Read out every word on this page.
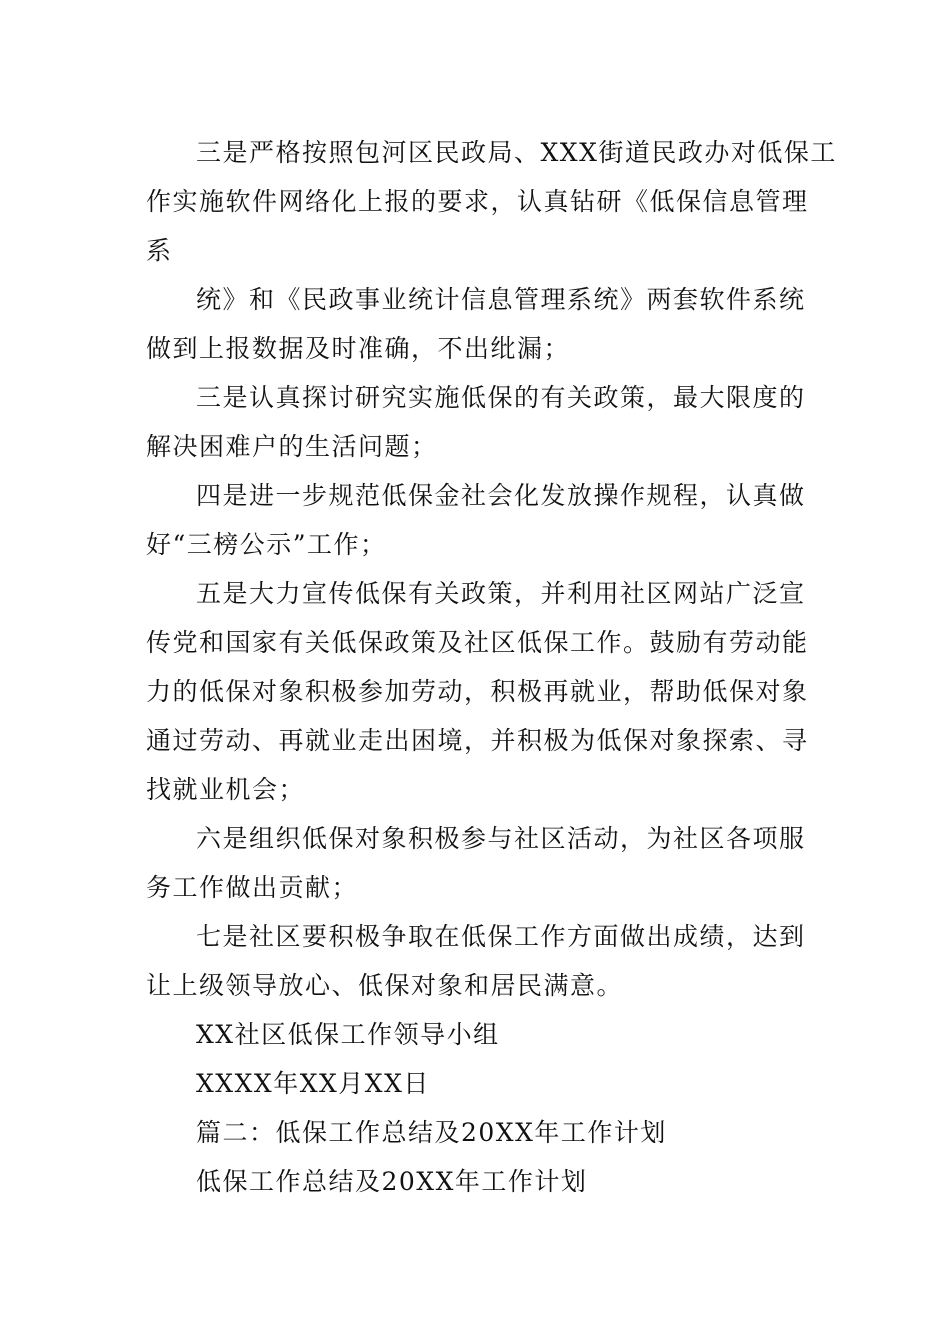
三是严格按照包河区民政局、XXX街道民政办对低保工
作实施软件网络化上报的要求，认真钻研《低保信息管理
系

统》和《民政事业统计信息管理系统》两套软件系统
做到上报数据及时准确，不出纰漏；

三是认真探讨研究实施低保的有关政策，最大限度的
解决困难户的生活问题；

四是进一步规范低保金社会化发放操作规程，认真做
好“三榜公示”工作；

五是大力宣传低保有关政策，并利用社区网站广泛宣
传党和国家有关低保政策及社区低保工作。鼓励有劳动能
力的低保对象积极参加劳动，积极再就业，帮助低保对象
通过劳动、再就业走出困境，并积极为低保对象探索、寻
找就业机会；

六是组织低保对象积极参与社区活动，为社区各项服
务工作做出贡献；

七是社区要积极争取在低保工作方面做出成绩，达到
让上级领导放心、低保对象和居民满意。

XX社区低保工作领导小组

XXXX年XX月XX日

篇二：低保工作总结及20XX年工作计划

低保工作总结及20XX年工作计划
